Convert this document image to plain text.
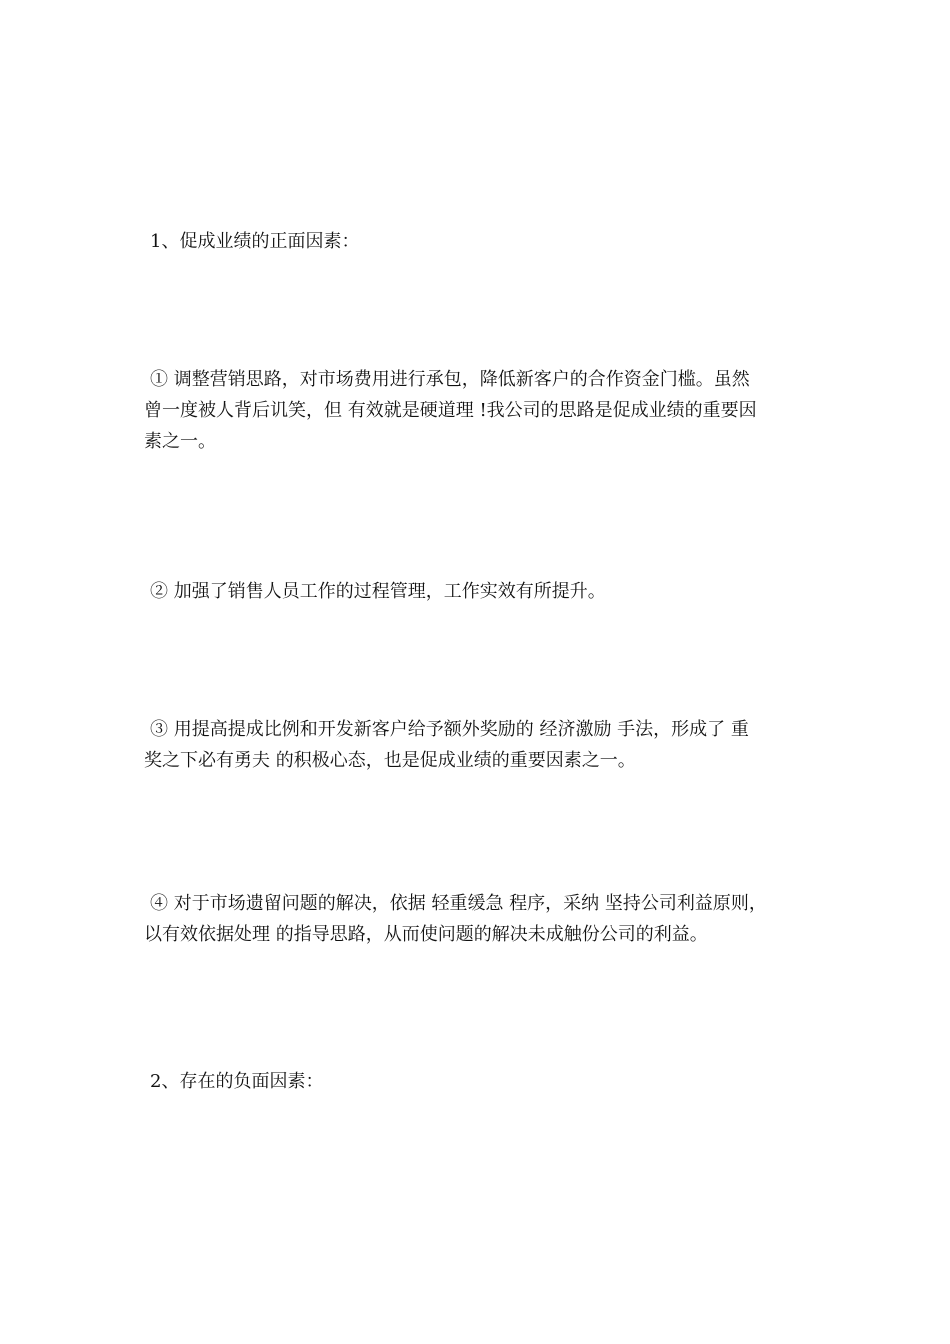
1、促成业绩的正面因素：

① 调整营销思路，对市场费用进行承包，降低新客户的合作资金门槛。虽然
曾一度被人背后讥笑，但 有效就是硬道理 !我公司的思路是促成业绩的重要因
素之一。

② 加强了销售人员工作的过程管理，工作实效有所提升。

③ 用提高提成比例和开发新客户给予额外奖励的 经济激励 手法，形成了 重
奖之下必有勇夫 的积极心态，也是促成业绩的重要因素之一。

④ 对于市场遗留问题的解决，依据 轻重缓急 程序，采纳 坚持公司利益原则，
以有效依据处理 的指导思路，从而使问题的解决未成触份公司的利益。

2、存在的负面因素：
